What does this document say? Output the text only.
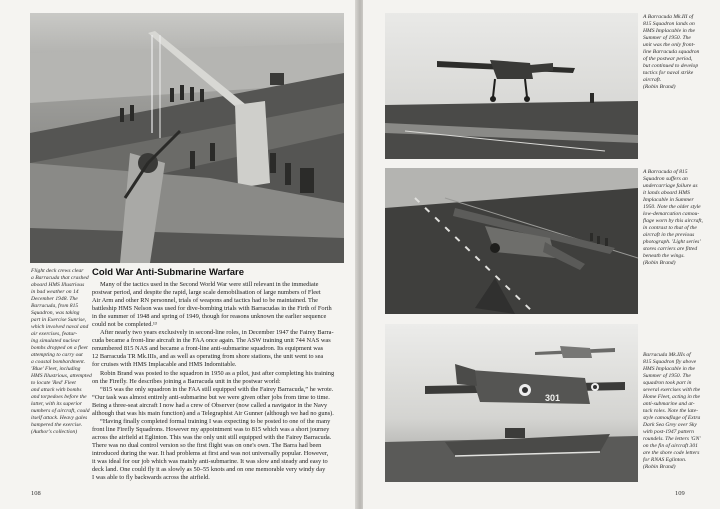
Flight deck crews clear
a Barracuda that crashed
aboard HMS Illustrious
in bad weather on 14
December 1948. The
Barracuda, from 815
Squadron, was taking
part in Exercise Sunrise,
which involved naval and
air exercises, featur-
ing simulated nuclear
bombs dropped on a fleet
attempting to carry out
a coastal bombardment.
'Blue' Fleet, including
HMS Illustrious, attempted
to locate 'Red' Fleet
and attack with bombs
and torpedoes before the
latter, with its superior
numbers of aircraft, could
itself attack. Heavy gales
hampered the exercise.
(Author's collection)
Cold War Anti-Submarine Warfare
Many of the tactics used in the Second World War were still relevant in the immediate
postwar period, and despite the rapid, large scale demobilisation of large numbers of Fleet
Air Arm and other RN personnel, trials of weapons and tactics had to be maintained. The
battleship HMS Nelson was used for dive-bombing trials with Barracudas in the Firth of Forth
in the summer of 1948 and spring of 1949, though for reasons unknown the earlier sequence
could not be completed.¹³
After nearly two years exclusively in second-line roles, in December 1947 the Fairey Barra-
cuda became a front-line aircraft in the FAA once again. The ASW training unit 744 NAS was
renumbered 815 NAS and became a front-line anti-submarine squadron. Its equipment was
12 Barracuda TR Mk.IIIs, and as well as operating from shore stations, the unit went to sea
for cruises with HMS Implacable and HMS Indomitable.
Robin Brand was posted to the squadron in 1950 as a pilot, just after completing his training
on the Firefly. He describes joining a Barracuda unit in the postwar world:
“815 was the only squadron in the FAA still equipped with the Fairey Barracuda,” he wrote.
“Our task was almost entirely anti-submarine but we were given other jobs from time to time.
Being a three-seat aircraft I now had a crew of Observer (now called a navigator in the Navy
although that was his main function) and a Telegraphist Air Gunner (although we had no guns).
“Having finally completed formal training I was expecting to be posted to one of the many
front line Firefly Squadrons. However my appointment was to 815 which was a short journey
across the airfield at Eglinton. This was the only unit still equipped with the Fairey Barracuda.
There was no dual control version so the first flight was on one's own. The Barra had been
introduced during the war. It had problems at first and was not universally popular. However,
it was ideal for our job which was mainly anti-submarine. It was slow and steady and easy to
deck land. One could fly it as slowly as 50–55 knots and on one memorable very windy day
I was able to fly backwards across the airfield.
108
A Barracuda Mk.III of
815 Squadron lands on
HMS Implacable in the
Summer of 1950. The
unit was the only front-
line Barracuda squadron
of the postwar period,
but continued to develop
tactics for naval strike
aircraft.
(Robin Brand)
A Barracuda of 815
Squadron suffers an
undercarriage failure as
it lands aboard HMS
Implacable in Summer
1950. Note the older style
low-demarcation camou-
flage worn by this aircraft,
in contrast to that of the
aircraft in the previous
photograph. 'Light series'
stores carriers are fitted
beneath the wings.
(Robin Brand)
301
Barracuda Mk.IIIs of
815 Squadron fly above
HMS Implacable in the
Summer of 1950. The
squadron took part in
several exercises with the
Home Fleet, acting in the
anti-submarine and at-
tack roles. Note the late-
style camouflage of Extra
Dark Sea Grey over Sky
with post-1947 pattern
roundels. The letters 'GN'
on the fin of aircraft 301
are the shore code letters
for RNAS Eglinton.
(Robin Brand)
109
